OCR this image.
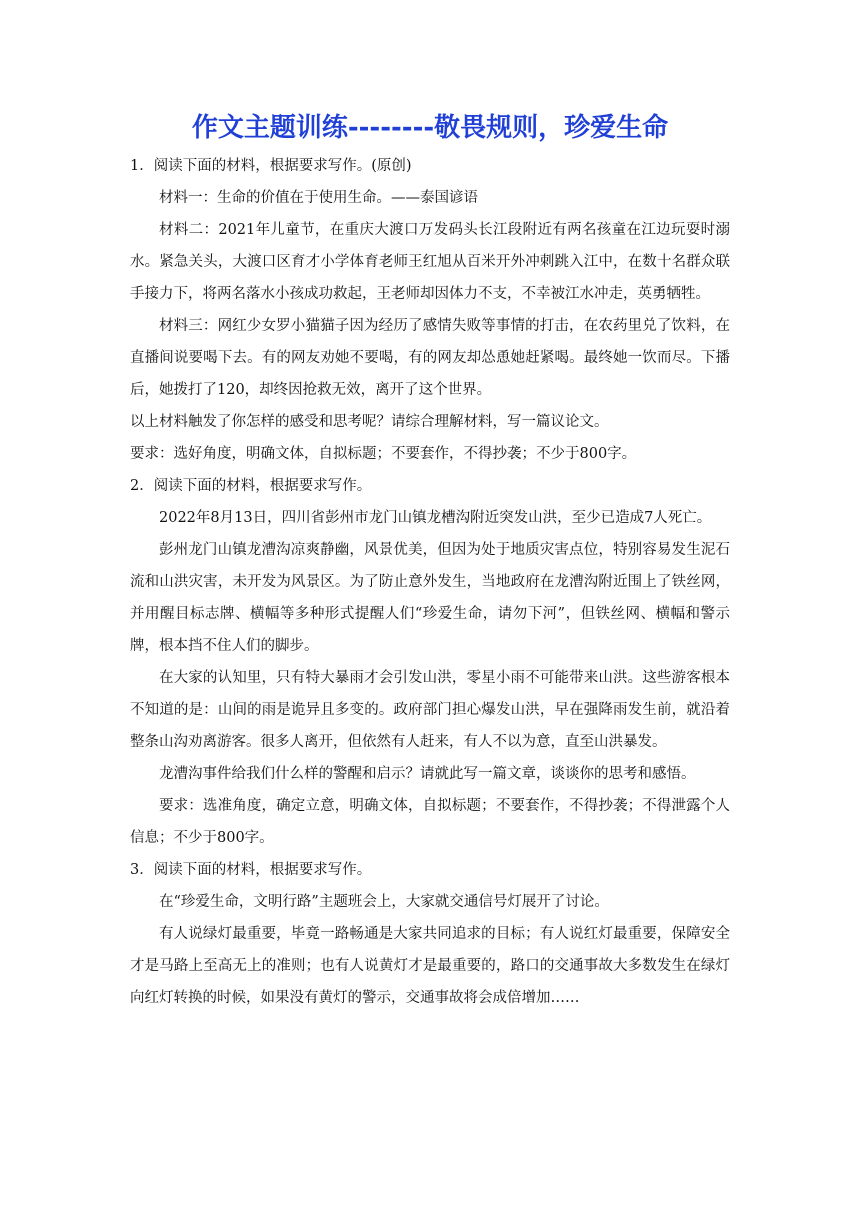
作文主题训练--------敬畏规则，珍爱生命

1．阅读下面的材料，根据要求写作。(原创)

材料一：生命的价值在于使用生命。——泰国谚语

材料二：2021年儿童节，在重庆大渡口万发码头长江段附近有两名孩童在江边玩耍时溺水。紧急关头，大渡口区育才小学体育老师王红旭从百米开外冲刺跳入江中，在数十名群众联手接力下，将两名落水小孩成功救起，王老师却因体力不支，不幸被江水冲走，英勇牺牲。

材料三：网红少女罗小猫猫子因为经历了感情失败等事情的打击，在农药里兑了饮料，在直播间说要喝下去。有的网友劝她不要喝，有的网友却怂恿她赶紧喝。最终她一饮而尽。下播后，她拨打了120，却终因抢救无效，离开了这个世界。

以上材料触发了你怎样的感受和思考呢？请综合理解材料，写一篇议论文。

要求：选好角度，明确文体，自拟标题；不要套作，不得抄袭；不少于800字。

2．阅读下面的材料，根据要求写作。

2022年8月13日，四川省彭州市龙门山镇龙槽沟附近突发山洪，至少已造成7人死亡。

彭州龙门山镇龙漕沟凉爽静幽，风景优美，但因为处于地质灾害点位，特别容易发生泥石流和山洪灾害，未开发为风景区。为了防止意外发生，当地政府在龙漕沟附近围上了铁丝网，并用醒目标志牌、横幅等多种形式提醒人们“珍爱生命，请勿下河”，但铁丝网、横幅和警示牌，根本挡不住人们的脚步。

在大家的认知里，只有特大暴雨才会引发山洪，零星小雨不可能带来山洪。这些游客根本不知道的是：山间的雨是诡异且多变的。政府部门担心爆发山洪，早在强降雨发生前，就沿着整条山沟劝离游客。很多人离开，但依然有人赶来，有人不以为意，直至山洪暴发。

龙漕沟事件给我们什么样的警醒和启示？请就此写一篇文章，谈谈你的思考和感悟。

要求：选准角度，确定立意，明确文体，自拟标题；不要套作，不得抄袭；不得泄露个人信息；不少于800字。

3．阅读下面的材料，根据要求写作。

在“珍爱生命，文明行路”主题班会上，大家就交通信号灯展开了讨论。

有人说绿灯最重要，毕竟一路畅通是大家共同追求的目标；有人说红灯最重要，保障安全才是马路上至高无上的准则；也有人说黄灯才是最重要的，路口的交通事故大多数发生在绿灯向红灯转换的时候，如果没有黄灯的警示，交通事故将会成倍增加……
